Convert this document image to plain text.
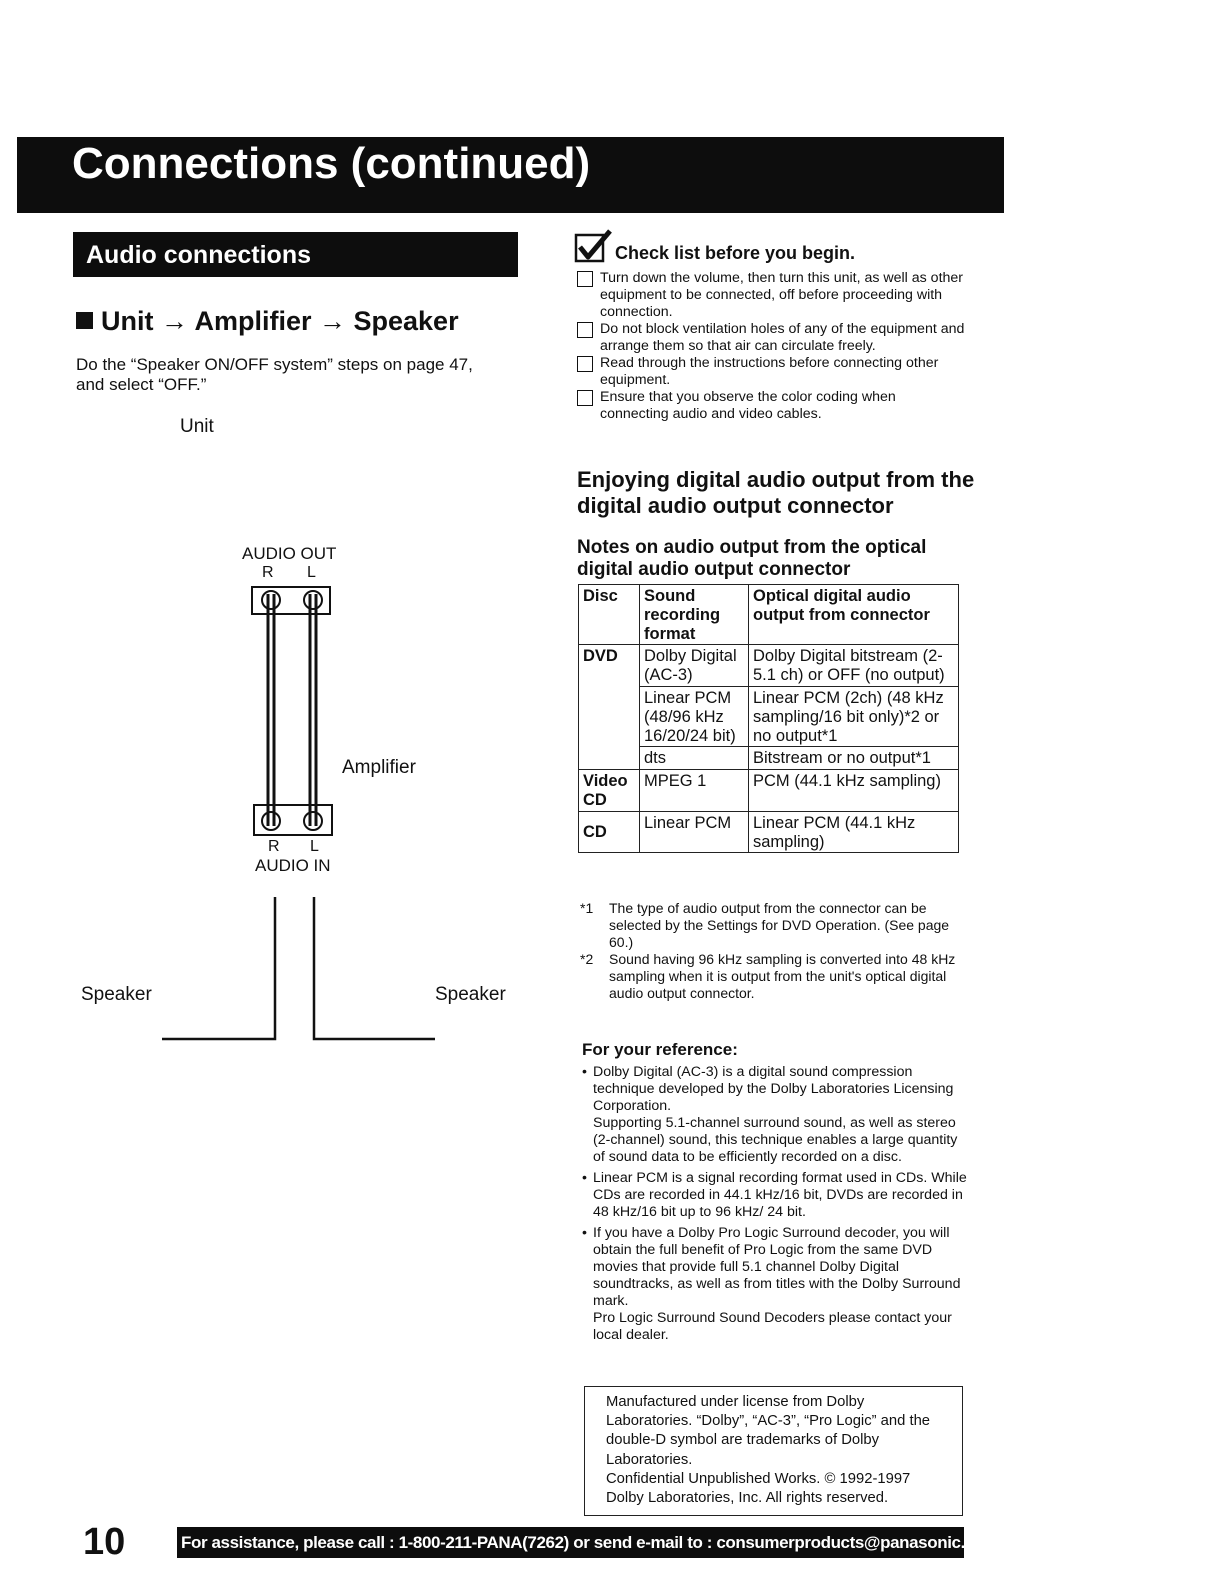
Connections (continued)
Audio connections
Unit → Amplifier → Speaker
Do the “Speaker ON/OFF system” steps on page 47,
and select “OFF.”
Unit
AUDIO OUT
R L
Amplifier
R L
AUDIO IN
Speaker	Speaker
Check list before you begin.
Turn down the volume, then turn this unit, as well as other equipment to be connected, off before proceeding with connection.
Do not block ventilation holes of any of the equipment and arrange them so that air can circulate freely.
Read through the instructions before connecting other equipment.
Ensure that you observe the color coding when connecting audio and video cables.
Enjoying digital audio output from the digital audio output connector
Notes on audio output from the optical digital audio output connector
Disc	Sound recording format	Optical digital audio output from connector
DVD	Dolby Digital (AC-3)	Dolby Digital bitstream (2-5.1 ch) or OFF (no output)
	Linear PCM (48/96 kHz 16/20/24 bit)	Linear PCM (2ch) (48 kHz sampling/16 bit only)*2 or no output*1
	dts	Bitstream or no output*1
Video CD	MPEG 1	PCM (44.1 kHz sampling)
CD	Linear PCM	Linear PCM (44.1 kHz sampling)
*1 The type of audio output from the connector can be selected by the Settings for DVD Operation. (See page 60.)
*2 Sound having 96 kHz sampling is converted into 48 kHz sampling when it is output from the unit's optical digital audio output connector.
For your reference:
• Dolby Digital (AC-3) is a digital sound compression technique developed by the Dolby Laboratories Licensing Corporation.
Supporting 5.1-channel surround sound, as well as stereo (2-channel) sound, this technique enables a large quantity of sound data to be efficiently recorded on a disc.
• Linear PCM is a signal recording format used in CDs. While CDs are recorded in 44.1 kHz/16 bit, DVDs are recorded in 48 kHz/16 bit up to 96 kHz/ 24 bit.
• If you have a Dolby Pro Logic Surround decoder, you will obtain the full benefit of Pro Logic from the same DVD movies that provide full 5.1 channel Dolby Digital soundtracks, as well as from titles with the Dolby Surround mark.
Pro Logic Surround Sound Decoders please contact your local dealer.
Manufactured under license from Dolby Laboratories. “Dolby”, “AC-3”, “Pro Logic” and the double-D symbol are trademarks of Dolby Laboratories.
Confidential Unpublished Works. © 1992-1997 Dolby Laboratories, Inc. All rights reserved.
10	For assistance, please call : 1-800-211-PANA(7262) or send e-mail to : consumerproducts@panasonic.com
